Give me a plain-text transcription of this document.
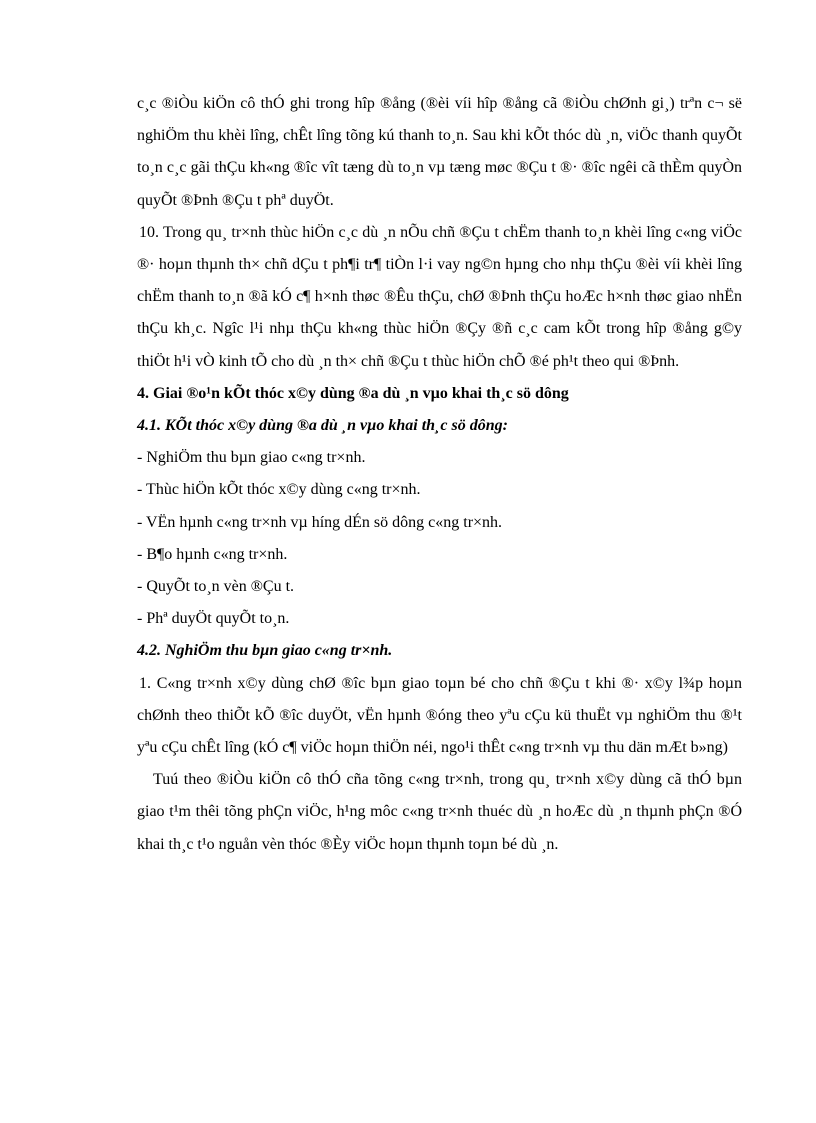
c¸c ®iÒu kiÖn cô thÓ ghi trong hîp ®ång (®èi víi hîp ®ång cã ®iÒu chØnh gi¸) trªn c¬ së nghiÖm thu khèi lîng, chÊt lîng tõng kú thanh to¸n. Sau khi kÕt thóc dù ¸n, viÖc thanh quyÕt to¸n c¸c gãi thÇu kh«ng ®îc vît tæng dù to¸n vµ tæng møc ®Çu t ®· ®îc ngêi cã thÈm quyÒn quyÕt ®Þnh ®Çu t phª duyÖt.

10. Trong qu¸ tr×nh thùc hiÖn c¸c dù ¸n nÕu chñ ®Çu t chËm thanh to¸n khèi lîng c«ng viÖc ®· hoµn thµnh th× chñ dÇu t ph¶i tr¶ tiÒn l·i vay ng©n hµng cho nhµ thÇu ®èi víi khèi lîng chËm thanh to¸n ®ã kÓ c¶ h×nh thøc ®Êu thÇu, chØ ®Þnh thÇu hoÆc h×nh thøc giao nhËn thÇu kh¸c. Ngîc l¹i nhµ thÇu kh«ng thùc hiÖn ®Çy ®ñ c¸c cam kÕt trong hîp ®ång g©y thiÖt h¹i vÒ kinh tÕ cho dù ¸n th× chñ ®Çu t thùc hiÖn chÕ ®é ph¹t theo qui ®Þnh.

4. Giai ®o¹n kÕt thóc x©y dùng ®a dù ¸n vµo khai th¸c sö dông

4.1. KÕt thóc x©y dùng ®a dù ¸n vµo khai th¸c sö dông:

- NghiÖm thu bµn giao c«ng tr×nh.
- Thùc hiÖn kÕt thóc x©y dùng c«ng tr×nh.
- VËn hµnh c«ng tr×nh vµ híng dÉn sö dông c«ng tr×nh.
- B¶o hµnh c«ng tr×nh.
- QuyÕt to¸n vèn ®Çu t.
- Phª duyÖt quyÕt to¸n.

4.2. NghiÖm thu bµn giao c«ng tr×nh.

1. C«ng tr×nh x©y dùng chØ ®îc bµn giao toµn bé cho chñ ®Çu t khi ®· x©y l¾p hoµn chØnh theo thiÕt kÕ ®îc duyÖt, vËn hµnh ®óng theo yªu cÇu kü thuËt vµ nghiÖm thu ®¹t yªu cÇu chÊt lîng (kÓ c¶ viÖc hoµn thiÖn néi, ngo¹i thÊt c«ng tr×nh vµ thu dän mÆt b»ng)

Tuú theo ®iÒu kiÖn cô thÓ cña tõng c«ng tr×nh, trong qu¸ tr×nh x©y dùng cã thÓ bµn giao t¹m thêi tõng phÇn viÖc, h¹ng môc c«ng tr×nh thuéc dù ¸n hoÆc dù ¸n thµnh phÇn ®Ó khai th¸c t¹o nguån vèn thóc ®Èy viÖc hoµn thµnh toµn bé dù ¸n.
